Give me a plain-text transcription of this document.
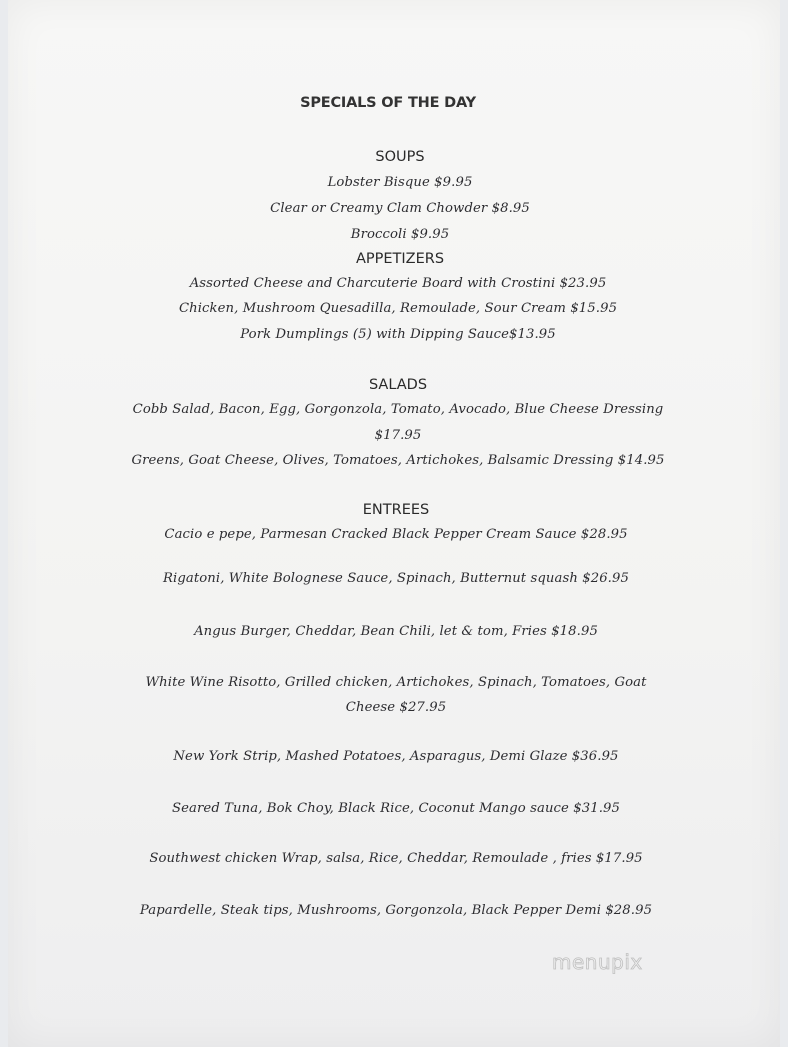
SPECIALS OF THE DAY
SOUPS
Lobster Bisque $9.95
Clear or Creamy Clam Chowder $8.95
Broccoli $9.95
APPETIZERS
Assorted Cheese and Charcuterie Board with Crostini $23.95
Chicken, Mushroom Quesadilla, Remoulade, Sour Cream $15.95
Pork Dumplings (5) with Dipping Sauce$13.95
SALADS
Cobb Salad, Bacon, Egg, Gorgonzola, Tomato, Avocado, Blue Cheese Dressing
$17.95
Greens, Goat Cheese, Olives, Tomatoes, Artichokes, Balsamic Dressing $14.95
ENTREES
Cacio e pepe, Parmesan Cracked Black Pepper Cream Sauce $28.95
Rigatoni, White Bolognese Sauce, Spinach, Butternut squash $26.95
Angus Burger, Cheddar, Bean Chili, let & tom, Fries $18.95
White Wine Risotto, Grilled chicken, Artichokes, Spinach, Tomatoes, Goat
Cheese $27.95
New York Strip, Mashed Potatoes, Asparagus, Demi Glaze $36.95
Seared Tuna, Bok Choy, Black Rice, Coconut Mango sauce $31.95
Southwest chicken Wrap, salsa, Rice, Cheddar, Remoulade , fries $17.95
Papardelle, Steak tips, Mushrooms, Gorgonzola, Black Pepper Demi $28.95
menupix
